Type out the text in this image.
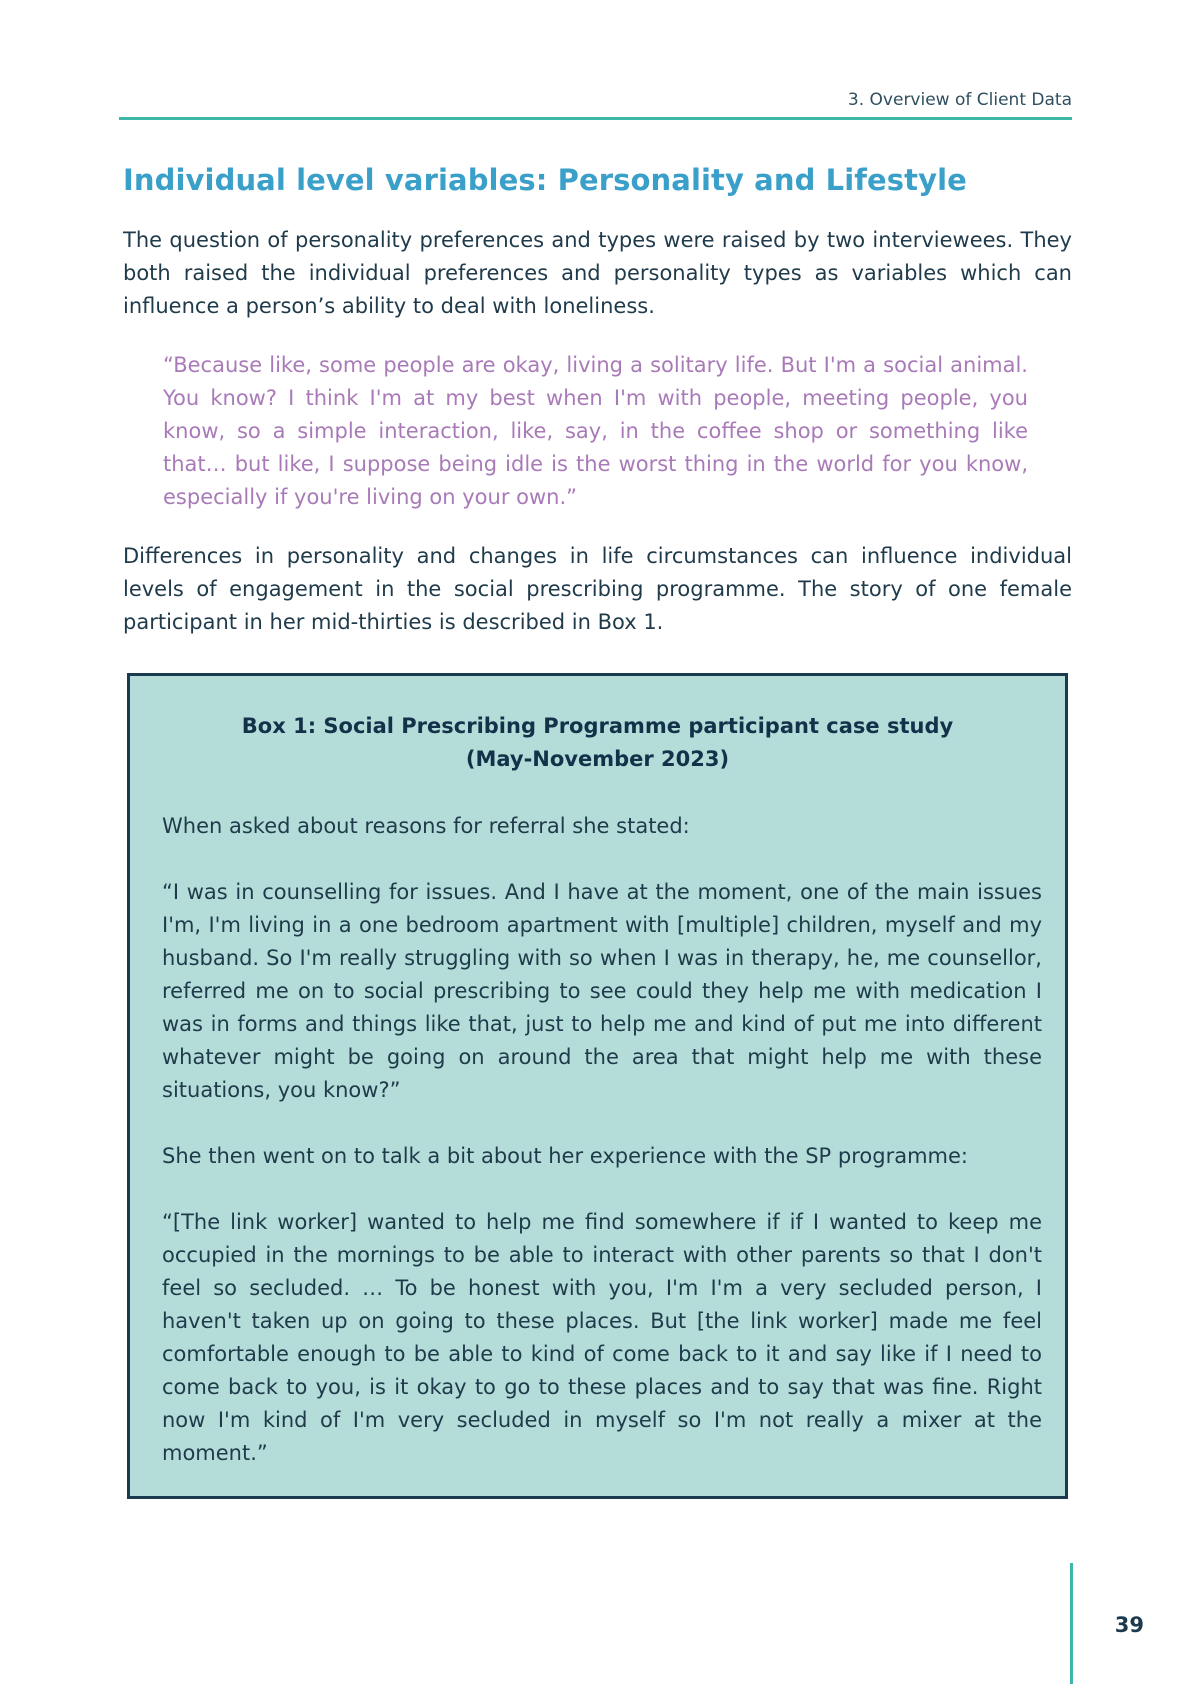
3. Overview of Client Data
Individual level variables: Personality and Lifestyle

The question of personality preferences and types were raised by two interviewees. They both raised the individual preferences and personality types as variables which can influence a person’s ability to deal with loneliness.

“Because like, some people are okay, living a solitary life. But I'm a social animal. You know? I think I'm at my best when I'm with people, meeting people, you know, so a simple interaction, like, say, in the coffee shop or something like that… but like, I suppose being idle is the worst thing in the world for you know, especially if you're living on your own.”

Differences in personality and changes in life circumstances can influence individual levels of engagement in the social prescribing programme. The story of one female participant in her mid-thirties is described in Box 1.

Box 1: Social Prescribing Programme participant case study
(May-November 2023)

When asked about reasons for referral she stated:

“I was in counselling for issues. And I have at the moment, one of the main issues I'm, I'm living in a one bedroom apartment with [multiple] children, myself and my husband. So I'm really struggling with so when I was in therapy, he, me counsellor, referred me on to social prescribing to see could they help me with medication I was in forms and things like that, just to help me and kind of put me into different whatever might be going on around the area that might help me with these situations, you know?”

She then went on to talk a bit about her experience with the SP programme:

“[The link worker] wanted to help me find somewhere if if I wanted to keep me occupied in the mornings to be able to interact with other parents so that I don't feel so secluded. … To be honest with you, I'm I'm a very secluded person, I haven't taken up on going to these places. But [the link worker] made me feel comfortable enough to be able to kind of come back to it and say like if I need to come back to you, is it okay to go to these places and to say that was fine. Right now I'm kind of I'm very secluded in myself so I'm not really a mixer at the moment.”

39
